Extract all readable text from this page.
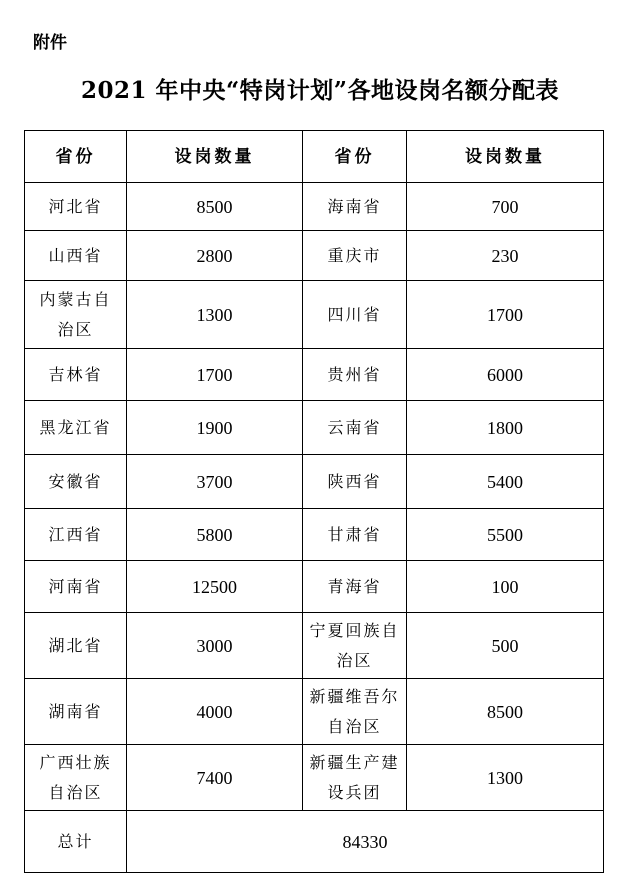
附件
2021 年中央“特岗计划”各地设岗名额分配表
省份	设岗数量	省份	设岗数量
河北省	8500	海南省	700
山西省	2800	重庆市	230
内蒙古自治区	1300	四川省	1700
吉林省	1700	贵州省	6000
黑龙江省	1900	云南省	1800
安徽省	3700	陕西省	5400
江西省	5800	甘肃省	5500
河南省	12500	青海省	100
湖北省	3000	宁夏回族自治区	500
湖南省	4000	新疆维吾尔自治区	8500
广西壮族自治区	7400	新疆生产建设兵团	1300
总计	84330		
